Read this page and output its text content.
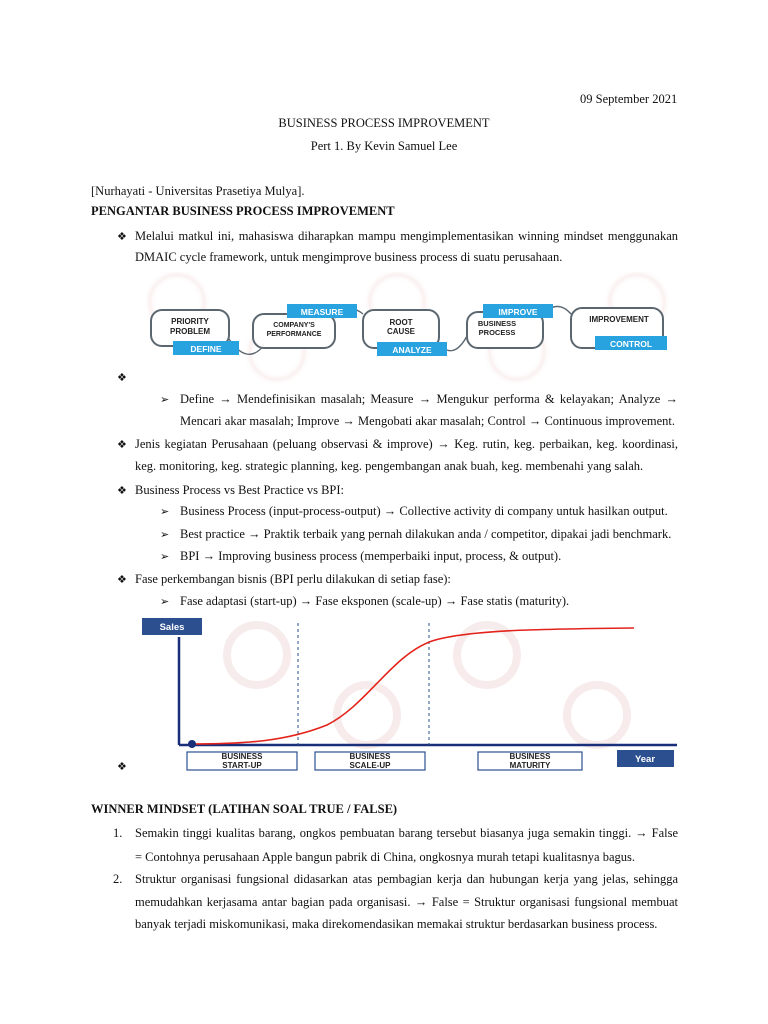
09 September 2021
BUSINESS PROCESS IMPROVEMENT
Pert 1. By Kevin Samuel Lee
[Nurhayati - Universitas Prasetiya Mulya].
PENGANTAR BUSINESS PROCESS IMPROVEMENT
❖ Melalui matkul ini, mahasiswa diharapkan mampu mengimplementasikan winning mindset menggunakan
DMAIC cycle framework, untuk mengimprove business process di suatu perusahaan.
PRIORITY
PROBLEM
DEFINE
MEASURE
COMPANY'S
PERFORMANCE
ROOT
CAUSE
ANALYZE
IMPROVE
BUSINESS
PROCESS
IMPROVEMENT
CONTROL
❖
➢ Define → Mendefinisikan masalah; Measure → Mengukur performa & kelayakan; Analyze →
Mencari akar masalah; Improve → Mengobati akar masalah; Control → Continuous improvement.
❖ Jenis kegiatan Perusahaan (peluang observasi & improve) → Keg. rutin, keg. perbaikan, keg. koordinasi,
keg. monitoring, keg. strategic planning, keg. pengembangan anak buah, keg. membenahi yang salah.
❖ Business Process vs Best Practice vs BPI:
➢ Business Process (input-process-output) → Collective activity di company untuk hasilkan output.
➢ Best practice → Praktik terbaik yang pernah dilakukan anda / competitor, dipakai jadi benchmark.
➢ BPI → Improving business process (memperbaiki input, process, & output).
❖ Fase perkembangan bisnis (BPI perlu dilakukan di setiap fase):
➢ Fase adaptasi (start-up) → Fase eksponen (scale-up) → Fase statis (maturity).
Sales
BUSINESS
START-UP
BUSINESS
SCALE-UP
BUSINESS
MATURITY
Year
❖
WINNER MINDSET (LATIHAN SOAL TRUE / FALSE)
1. Semakin tinggi kualitas barang, ongkos pembuatan barang tersebut biasanya juga semakin tinggi. → False
= Contohnya perusahaan Apple bangun pabrik di China, ongkosnya murah tetapi kualitasnya bagus.
2. Struktur organisasi fungsional didasarkan atas pembagian kerja dan hubungan kerja yang jelas, sehingga
memudahkan kerjasama antar bagian pada organisasi. → False = Struktur organisasi fungsional membuat
banyak terjadi miskomunikasi, maka direkomendasikan memakai struktur berdasarkan business process.
